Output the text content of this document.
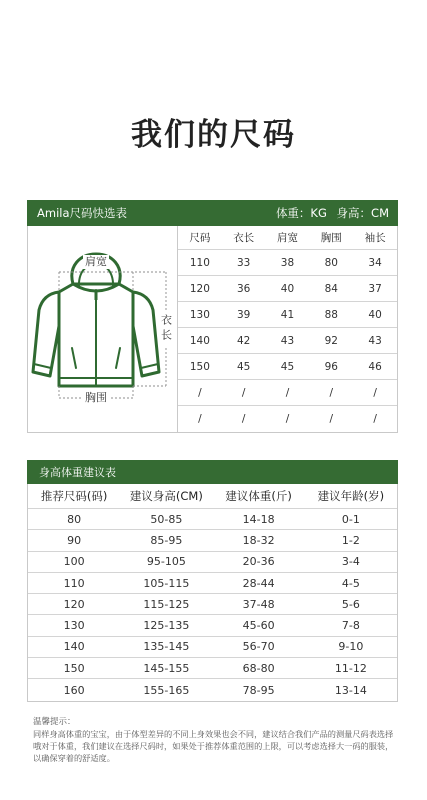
我们的尺码
Amila尺码快选表	体重：KG 身高：CM
肩宽
衣长
胸围
尺码	衣长	肩宽	胸围	袖长
110	33	38	80	34
120	36	40	84	37
130	39	41	88	40
140	42	43	92	43
150	45	45	96	46
/	/	/	/	/
/	/	/	/	/
身高体重建议表
推荐尺码(码)	建议身高(CM)	建议体重(斤)	建议年龄(岁)
80	50-85	14-18	0-1
90	85-95	18-32	1-2
100	95-105	20-36	3-4
110	105-115	28-44	4-5
120	115-125	37-48	5-6
130	125-135	45-60	7-8
140	135-145	56-70	9-10
150	145-155	68-80	11-12
160	155-165	78-95	13-14
温馨提示：
同样身高体重的宝宝，由于体型差异的不同上身效果也会不同，建议结合我们产品的测量尺码表选择哦对于体重，我们建议在选择尺码时，如果处于推荐体重范围的上限，可以考虑选择大一码的服装，以确保穿着的舒适度。
